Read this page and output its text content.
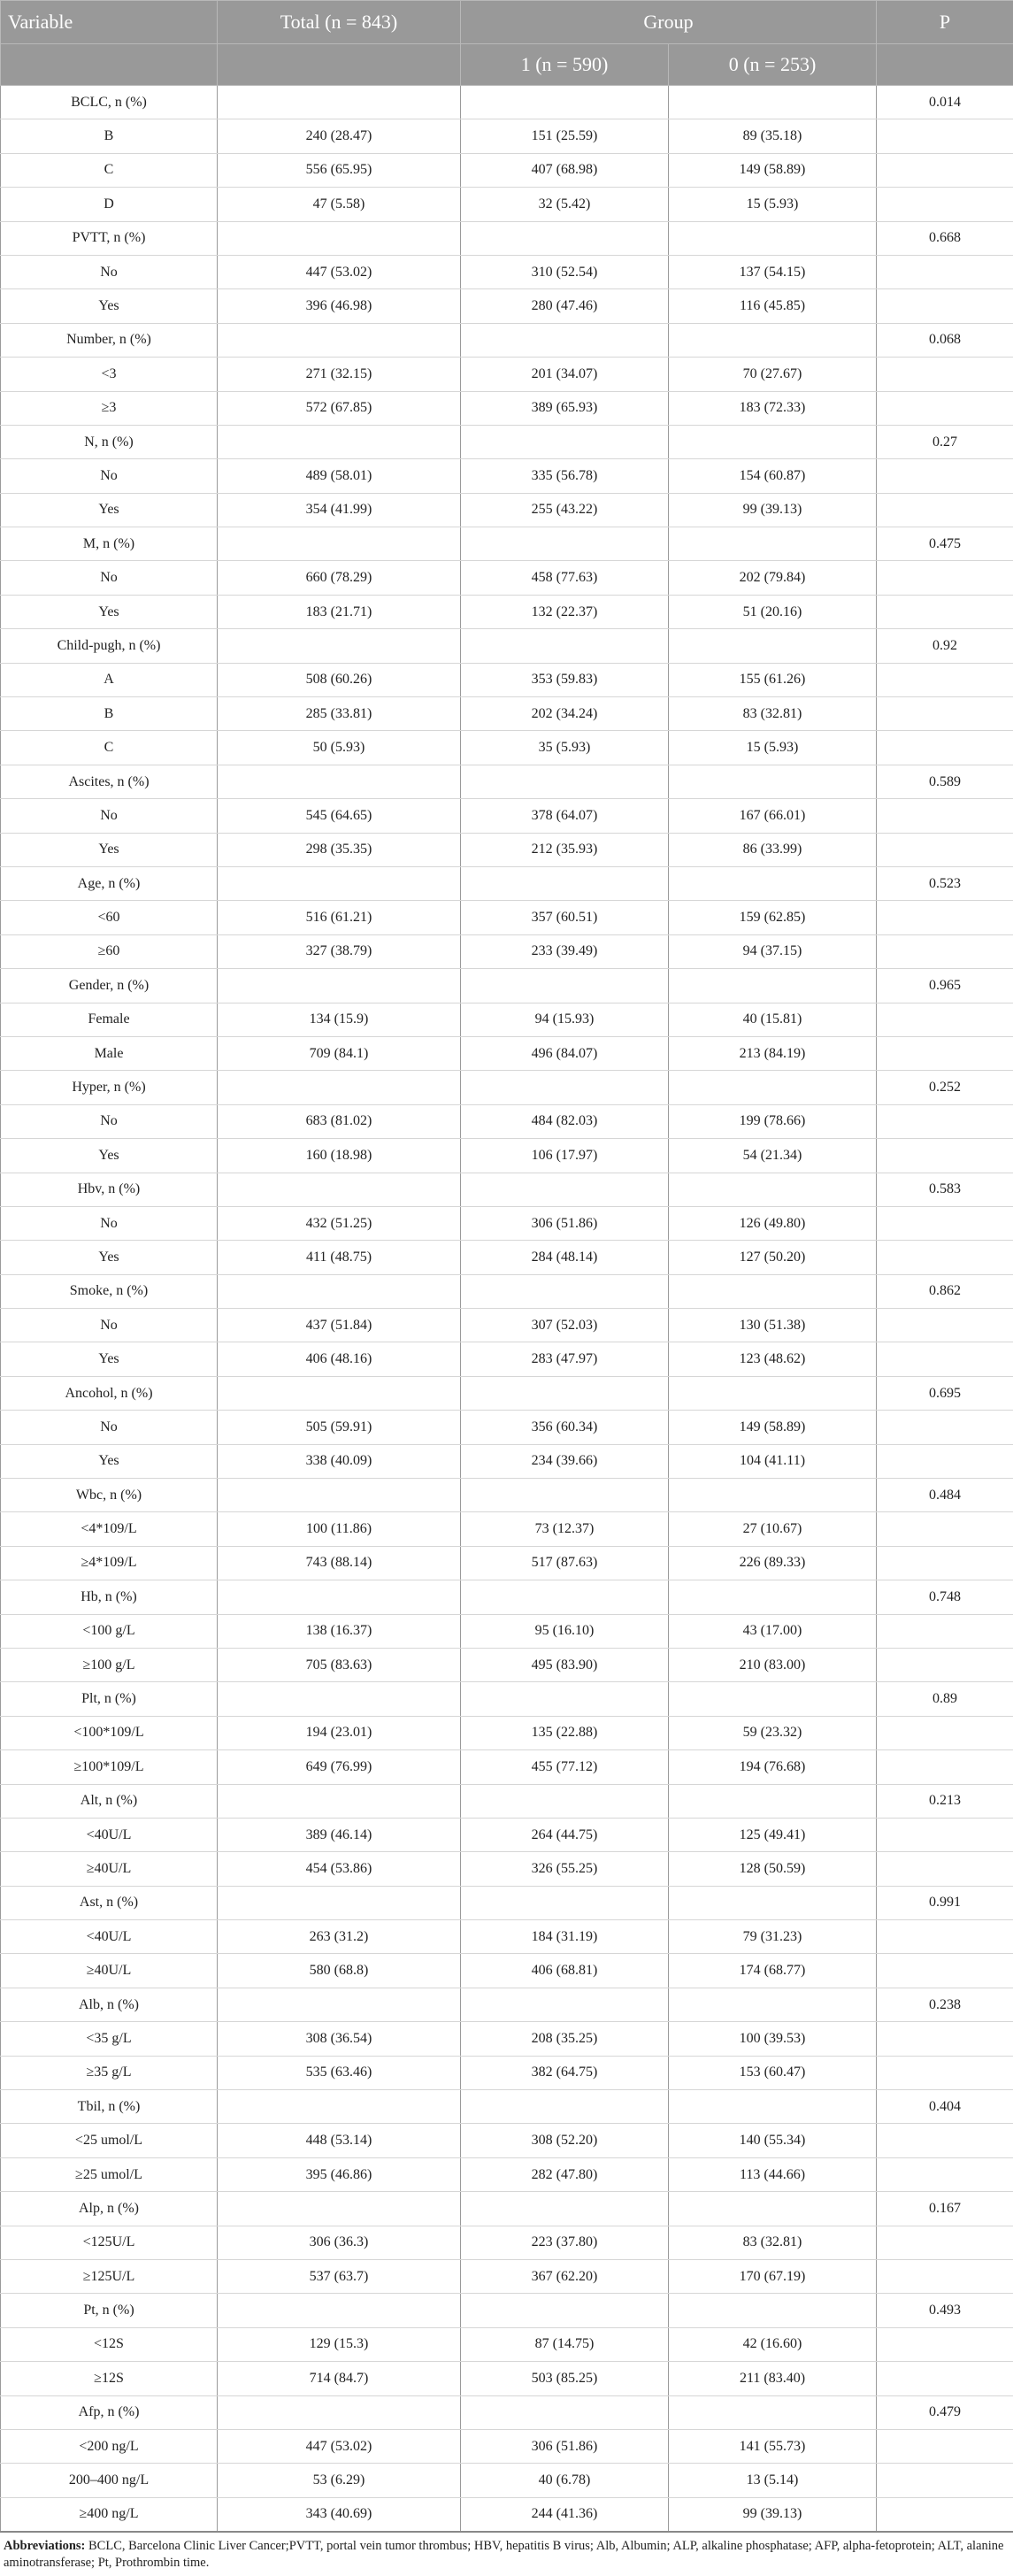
Variable	Total (n = 843)	Group		P
		1 (n = 590)	0 (n = 253)	
BCLC, n (%)				0.014
B	240 (28.47)	151 (25.59)	89 (35.18)	
C	556 (65.95)	407 (68.98)	149 (58.89)	
D	47 (5.58)	32 (5.42)	15 (5.93)	
PVTT, n (%)				0.668
No	447 (53.02)	310 (52.54)	137 (54.15)	
Yes	396 (46.98)	280 (47.46)	116 (45.85)	
Number, n (%)				0.068
<3	271 (32.15)	201 (34.07)	70 (27.67)	
≥3	572 (67.85)	389 (65.93)	183 (72.33)	
N, n (%)				0.27
No	489 (58.01)	335 (56.78)	154 (60.87)	
Yes	354 (41.99)	255 (43.22)	99 (39.13)	
M, n (%)				0.475
No	660 (78.29)	458 (77.63)	202 (79.84)	
Yes	183 (21.71)	132 (22.37)	51 (20.16)	
Child-pugh, n (%)				0.92
A	508 (60.26)	353 (59.83)	155 (61.26)	
B	285 (33.81)	202 (34.24)	83 (32.81)	
C	50 (5.93)	35 (5.93)	15 (5.93)	
Ascites, n (%)				0.589
No	545 (64.65)	378 (64.07)	167 (66.01)	
Yes	298 (35.35)	212 (35.93)	86 (33.99)	
Age, n (%)				0.523
<60	516 (61.21)	357 (60.51)	159 (62.85)	
≥60	327 (38.79)	233 (39.49)	94 (37.15)	
Gender, n (%)				0.965
Female	134 (15.9)	94 (15.93)	40 (15.81)	
Male	709 (84.1)	496 (84.07)	213 (84.19)	
Hyper, n (%)				0.252
No	683 (81.02)	484 (82.03)	199 (78.66)	
Yes	160 (18.98)	106 (17.97)	54 (21.34)	
Hbv, n (%)				0.583
No	432 (51.25)	306 (51.86)	126 (49.80)	
Yes	411 (48.75)	284 (48.14)	127 (50.20)	
Smoke, n (%)				0.862
No	437 (51.84)	307 (52.03)	130 (51.38)	
Yes	406 (48.16)	283 (47.97)	123 (48.62)	
Ancohol, n (%)				0.695
No	505 (59.91)	356 (60.34)	149 (58.89)	
Yes	338 (40.09)	234 (39.66)	104 (41.11)	
Wbc, n (%)				0.484
<4*109/L	100 (11.86)	73 (12.37)	27 (10.67)	
≥4*109/L	743 (88.14)	517 (87.63)	226 (89.33)	
Hb, n (%)				0.748
<100 g/L	138 (16.37)	95 (16.10)	43 (17.00)	
≥100 g/L	705 (83.63)	495 (83.90)	210 (83.00)	
Plt, n (%)				0.89
<100*109/L	194 (23.01)	135 (22.88)	59 (23.32)	
≥100*109/L	649 (76.99)	455 (77.12)	194 (76.68)	
Alt, n (%)				0.213
<40U/L	389 (46.14)	264 (44.75)	125 (49.41)	
≥40U/L	454 (53.86)	326 (55.25)	128 (50.59)	
Ast, n (%)				0.991
<40U/L	263 (31.2)	184 (31.19)	79 (31.23)	
≥40U/L	580 (68.8)	406 (68.81)	174 (68.77)	
Alb, n (%)				0.238
<35 g/L	308 (36.54)	208 (35.25)	100 (39.53)	
≥35 g/L	535 (63.46)	382 (64.75)	153 (60.47)	
Tbil, n (%)				0.404
<25 umol/L	448 (53.14)	308 (52.20)	140 (55.34)	
≥25 umol/L	395 (46.86)	282 (47.80)	113 (44.66)	
Alp, n (%)				0.167
<125U/L	306 (36.3)	223 (37.80)	83 (32.81)	
≥125U/L	537 (63.7)	367 (62.20)	170 (67.19)	
Pt, n (%)				0.493
<12S	129 (15.3)	87 (14.75)	42 (16.60)	
≥12S	714 (84.7)	503 (85.25)	211 (83.40)	
Afp, n (%)				0.479
<200 ng/L	447 (53.02)	306 (51.86)	141 (55.73)	
200–400 ng/L	53 (6.29)	40 (6.78)	13 (5.14)	
≥400 ng/L	343 (40.69)	244 (41.36)	99 (39.13)	
Abbreviations: BCLC, Barcelona Clinic Liver Cancer;PVTT, portal vein tumor thrombus; HBV, hepatitis B virus; Alb, Albumin; ALP, alkaline phosphatase; AFP, alpha-fetoprotein; ALT, alanine aminotransferase; Pt, Prothrombin time.
